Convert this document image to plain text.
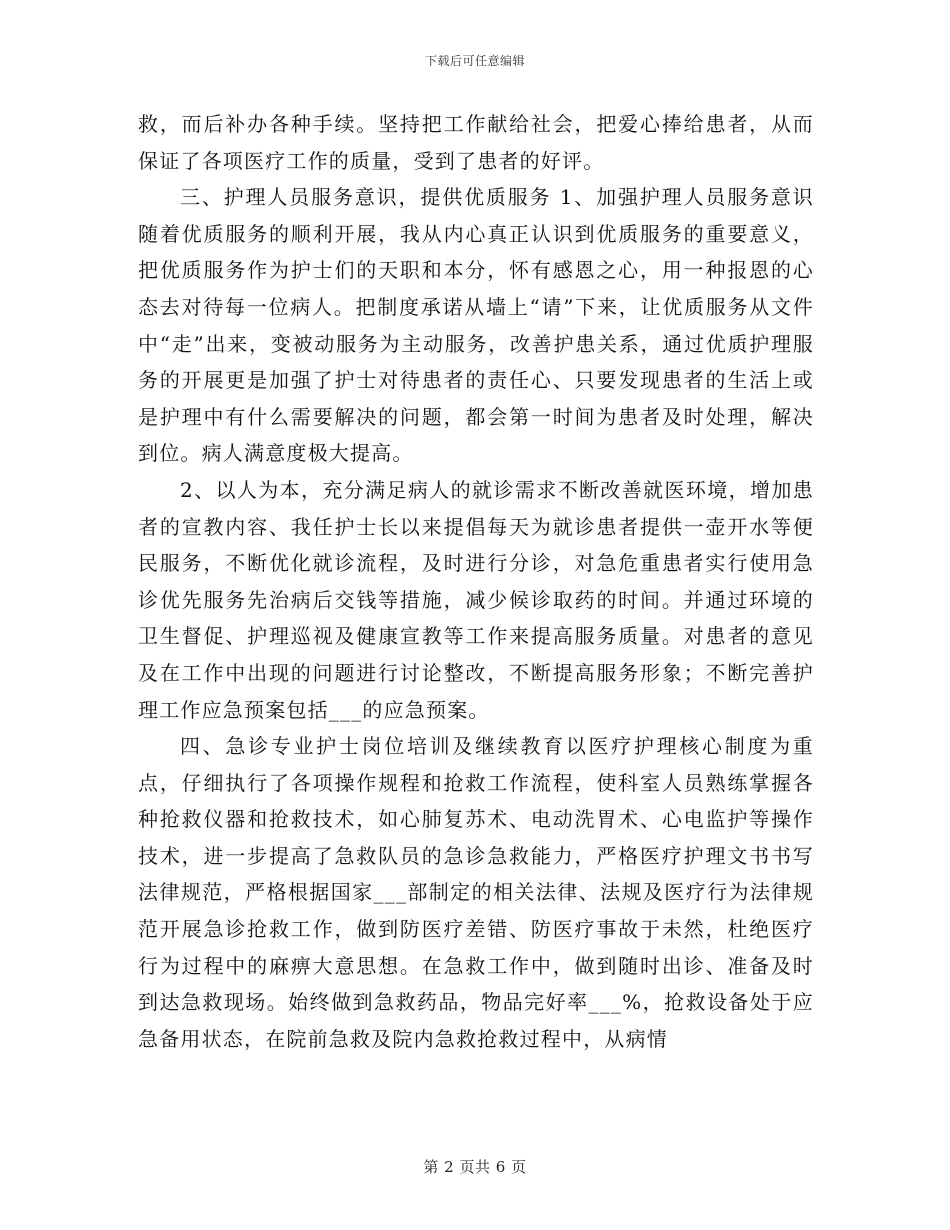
下载后可任意编辑

救，而后补办各种手续。坚持把工作献给社会，把爱心捧给患者，从而保证了各项医疗工作的质量，受到了患者的好评。

三、护理人员服务意识，提供优质服务 1、加强护理人员服务意识随着优质服务的顺利开展，我从内心真正认识到优质服务的重要意义，把优质服务作为护士们的天职和本分，怀有感恩之心，用一种报恩的心态去对待每一位病人。把制度承诺从墙上“请”下来，让优质服务从文件中“走”出来，变被动服务为主动服务，改善护患关系，通过优质护理服务的开展更是加强了护士对待患者的责任心、只要发现患者的生活上或是护理中有什么需要解决的问题，都会第一时间为患者及时处理，解决到位。病人满意度极大提高。

2、以人为本，充分满足病人的就诊需求不断改善就医环境，增加患者的宣教内容、我任护士长以来提倡每天为就诊患者提供一壶开水等便民服务，不断优化就诊流程，及时进行分诊，对急危重患者实行使用急诊优先服务先治病后交钱等措施，减少候诊取药的时间。并通过环境的卫生督促、护理巡视及健康宣教等工作来提高服务质量。对患者的意见及在工作中出现的问题进行讨论整改，不断提高服务形象；不断完善护理工作应急预案包括___的应急预案。

四、急诊专业护士岗位培训及继续教育以医疗护理核心制度为重点，仔细执行了各项操作规程和抢救工作流程，使科室人员熟练掌握各种抢救仪器和抢救技术，如心肺复苏术、电动洗胃术、心电监护等操作技术，进一步提高了急救队员的急诊急救能力，严格医疗护理文书书写法律规范，严格根据国家___部制定的相关法律、法规及医疗行为法律规范开展急诊抢救工作，做到防医疗差错、防医疗事故于未然，杜绝医疗行为过程中的麻痹大意思想。在急救工作中，做到随时出诊、准备及时到达急救现场。始终做到急救药品，物品完好率___%，抢救设备处于应急备用状态，在院前急救及院内急救抢救过程中，从病情

第 2 页共 6 页
